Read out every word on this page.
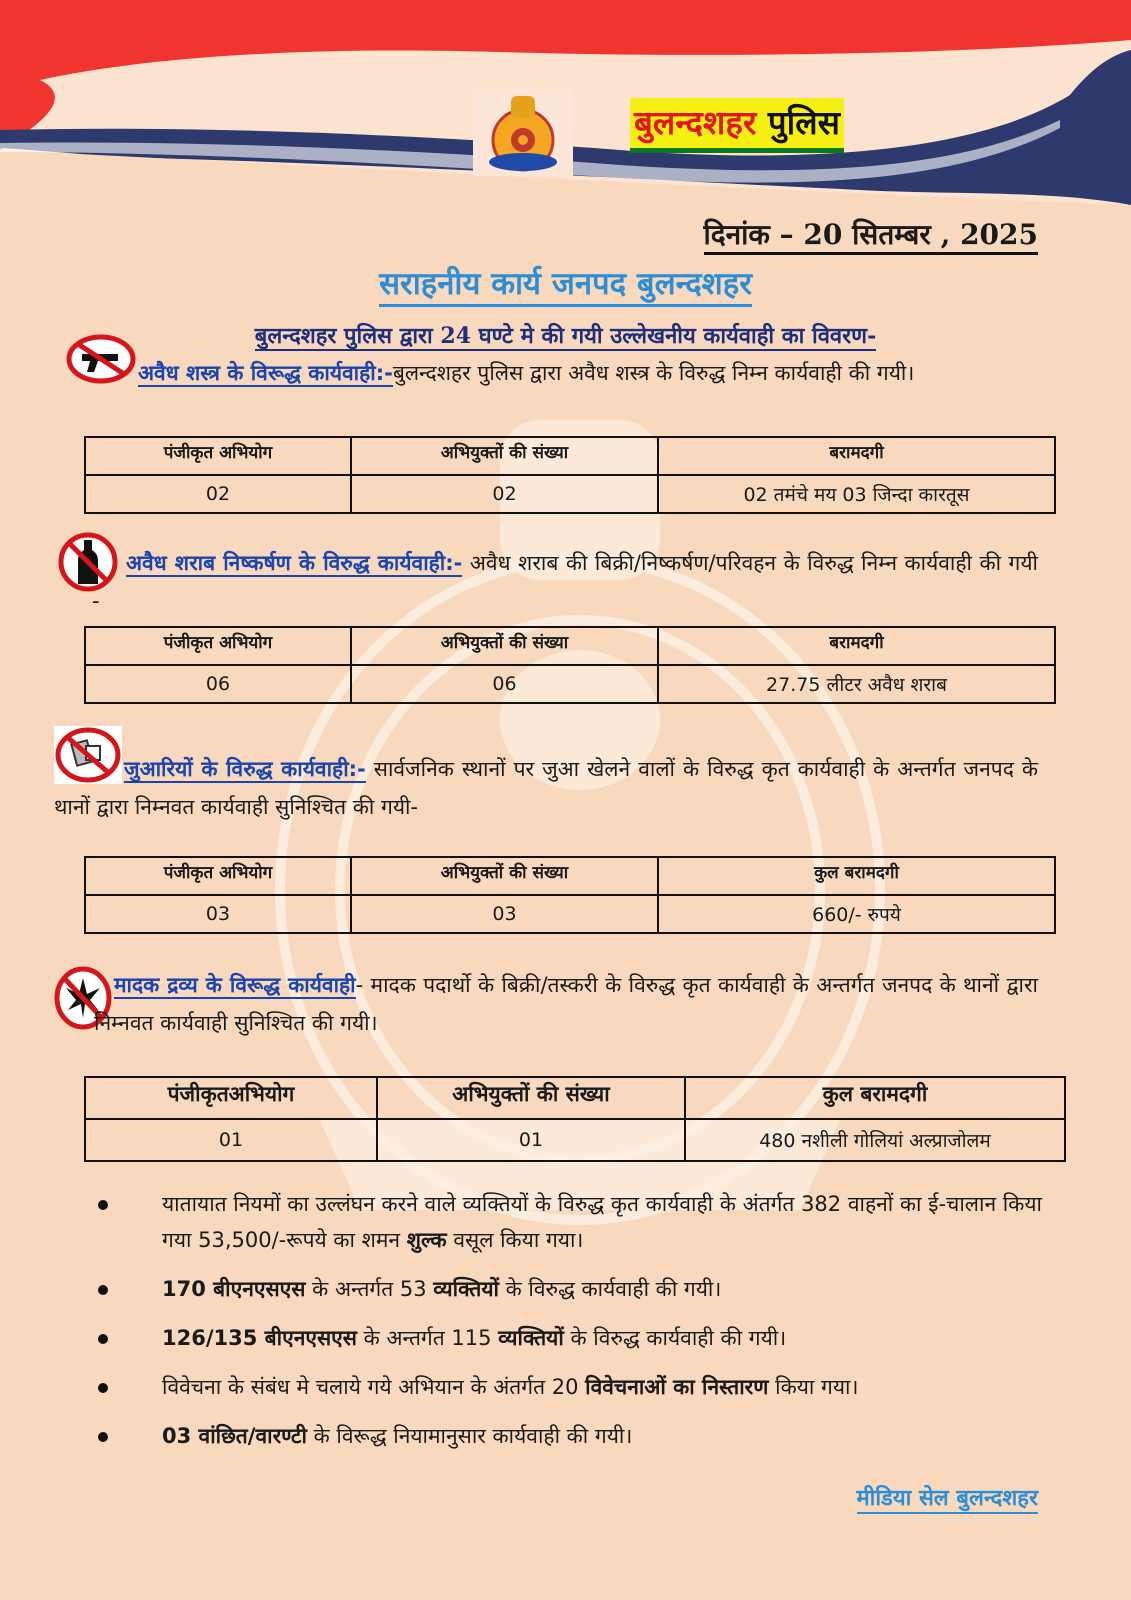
बुलन्दशहर पुलिस
दिनांक – 20 सितम्बर , 2025
सराहनीय कार्य जनपद बुलन्दशहर
बुलन्दशहर पुलिस द्वारा 24 घण्टे मे की गयी उल्लेखनीय कार्यवाही का विवरण-
अवैध शस्त्र के विरूद्ध कार्यवाही:-बुलन्दशहर पुलिस द्वारा अवैध शस्त्र के विरुद्ध निम्न कार्यवाही की गयी।
पंजीकृत अभियोग	अभियुक्तों की संख्या	बरामदगी
02	02	02 तमंचे मय 03 जिन्दा कारतूस
अवैध शराब निष्कर्षण के विरुद्ध कार्यवाही:- अवैध शराब की बिक्री/निष्कर्षण/परिवहन के विरुद्ध निम्न कार्यवाही की गयी -
पंजीकृत अभियोग	अभियुक्तों की संख्या	बरामदगी
06	06	27.75 लीटर अवैध शराब
जुआरियों के विरुद्ध कार्यवाही:- सार्वजनिक स्थानों पर जुआ खेलने वालों के विरुद्ध कृत कार्यवाही के अन्तर्गत जनपद के थानों द्वारा निम्नवत कार्यवाही सुनिश्चित की गयी-
पंजीकृत अभियोग	अभियुक्तों की संख्या	कुल बरामदगी
03	03	660/- रुपये
मादक द्रव्य के विरूद्ध कार्यवाही- मादक पदार्थो के बिक्री/तस्करी के विरुद्ध कृत कार्यवाही के अन्तर्गत जनपद के थानों द्वारा निम्नवत कार्यवाही सुनिश्चित की गयी।
पंजीकृतअभियोग	अभियुक्तों की संख्या	कुल बरामदगी
01	01	480 नशीली गोलियां अल्प्राजोलम
यातायात नियमों का उल्लंघन करने वाले व्यक्तियों के विरुद्ध कृत कार्यवाही के अंतर्गत 382 वाहनों का ई-चालान किया गया 53,500/-रूपये का शमन शुल्क वसूल किया गया।
170 बीएनएसएस के अन्तर्गत 53 व्यक्तियों के विरुद्ध कार्यवाही की गयी।
126/135 बीएनएसएस के अन्तर्गत 115 व्यक्तियों के विरुद्ध कार्यवाही की गयी।
विवेचना के संबंध मे चलाये गये अभियान के अंतर्गत 20 विवेचनाओं का निस्तारण किया गया।
03 वांछित/वारण्टी के विरूद्ध नियामानुसार कार्यवाही की गयी।
मीडिया सेल बुलन्दशहर
